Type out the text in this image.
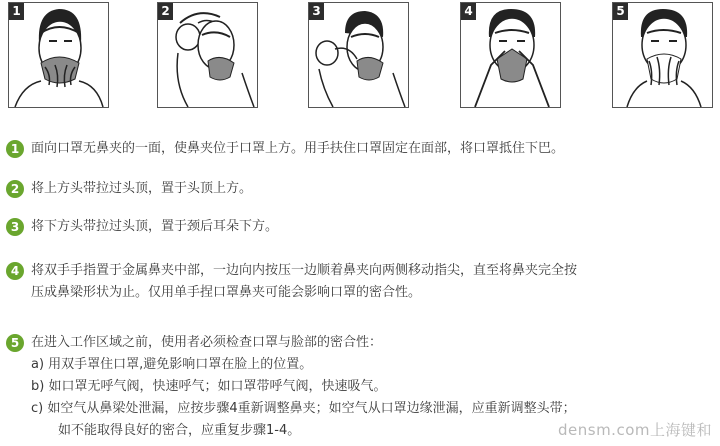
1	2	3	4	5
1 面向口罩无鼻夹的一面，使鼻夹位于口罩上方。用手扶住口罩固定在面部，将口罩抵住下巴。
2 将上方头带拉过头顶，置于头顶上方。
3 将下方头带拉过头顶，置于颈后耳朵下方。
4 将双手手指置于金属鼻夹中部，一边向内按压一边顺着鼻夹向两侧移动指尖，直至将鼻夹完全按
压成鼻梁形状为止。仅用单手捏口罩鼻夹可能会影响口罩的密合性。
5 在进入工作区域之前，使用者必须检查口罩与脸部的密合性：
a) 用双手罩住口罩,避免影响口罩在脸上的位置。
b) 如口罩无呼气阀，快速呼气；如口罩带呼气阀，快速吸气。
c) 如空气从鼻梁处泄漏，应按步骤4重新调整鼻夹；如空气从口罩边缘泄漏，应重新调整头带；
如不能取得良好的密合，应重复步骤1-4。	densm.com上海键和
